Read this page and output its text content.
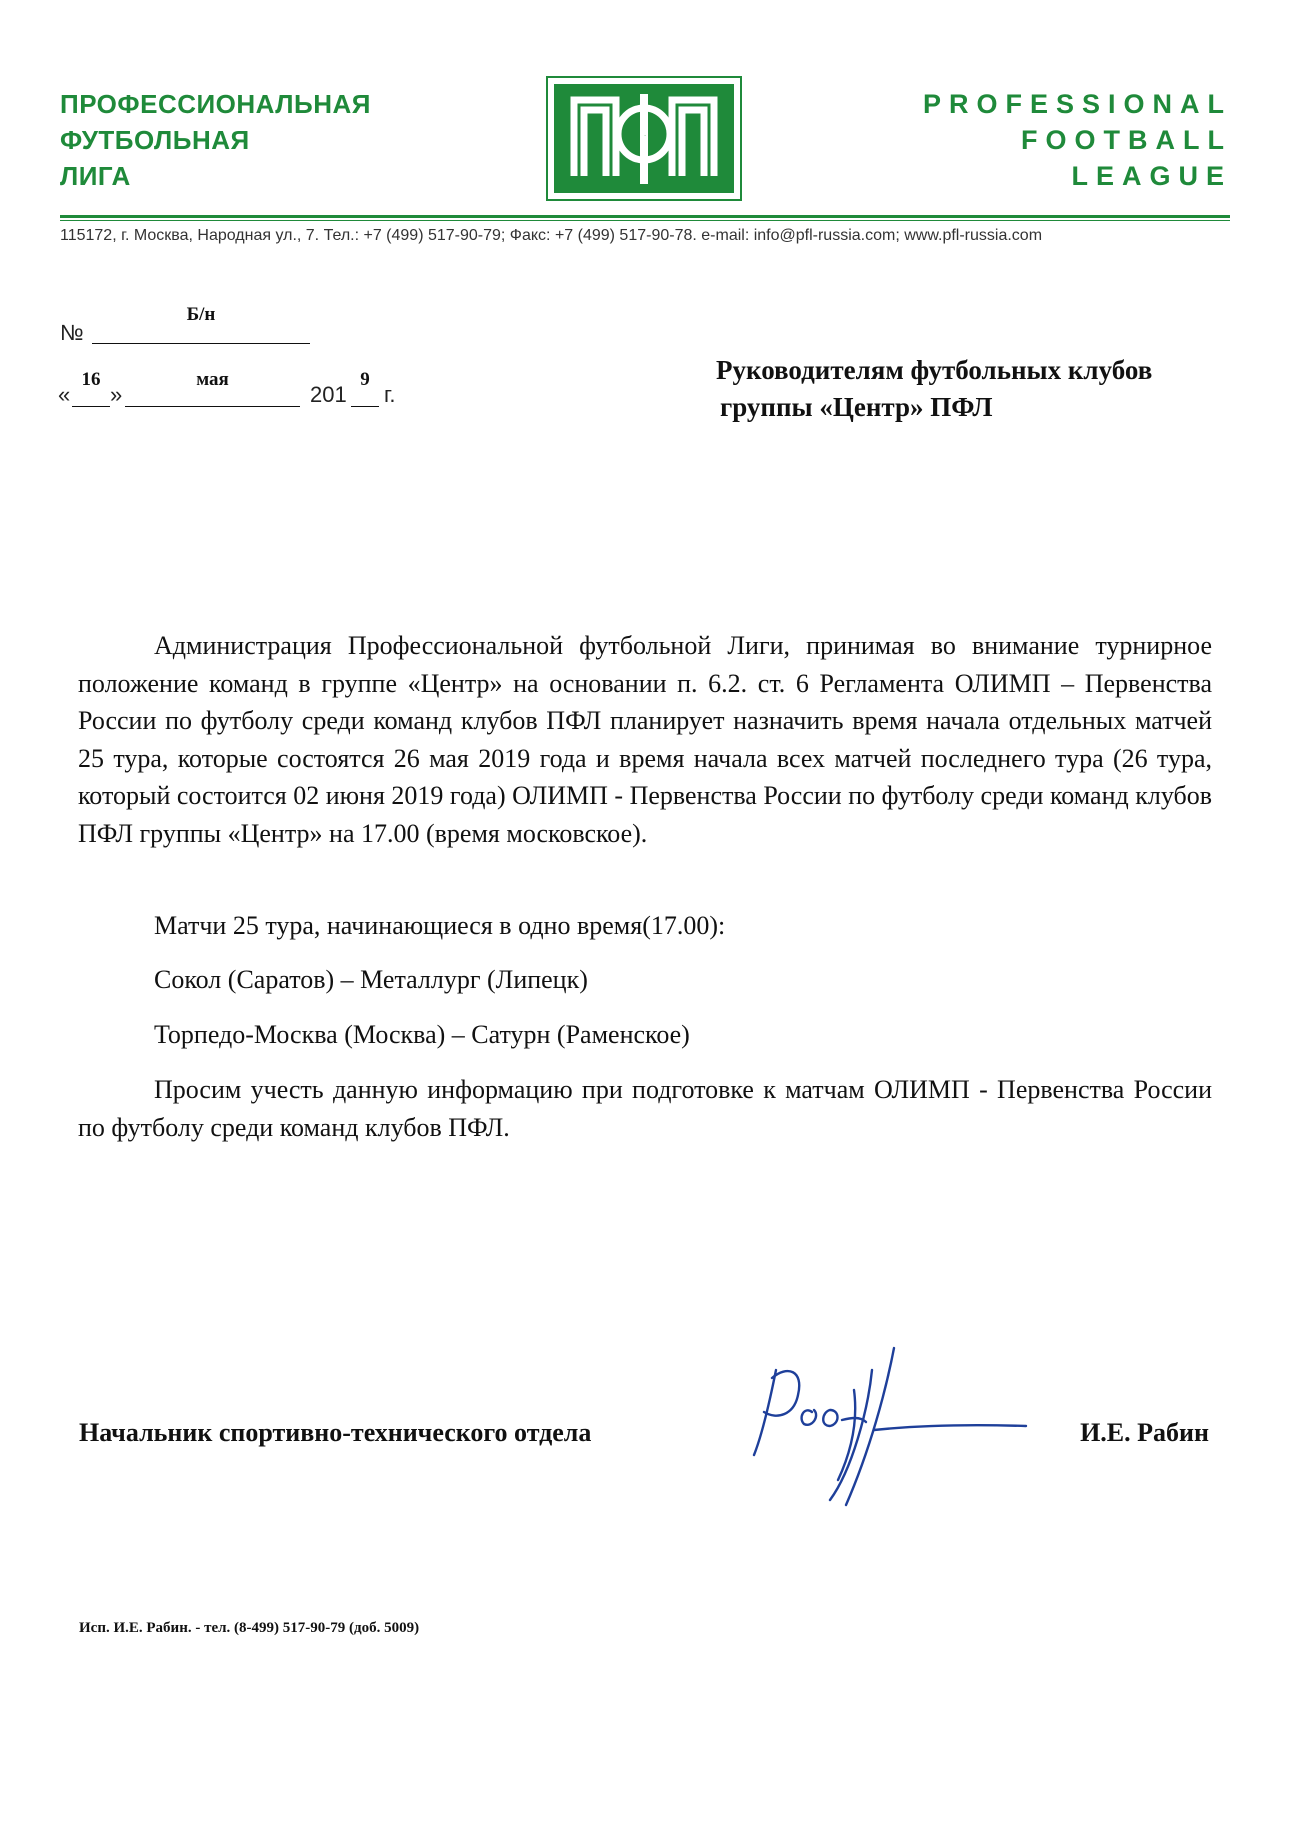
ПРОФЕССИОНАЛЬНАЯ
ФУТБОЛЬНАЯ
ЛИГА
ПФЛ
PROFESSIONAL
FOOTBALL
LEAGUE
115172, г. Москва, Народная ул., 7. Тел.: +7 (499) 517-90-79; Факс: +7 (499) 517-90-78. e-mail: info@pfl-russia.com; www.pfl-russia.com
№
Б/н
«
16
»
мая
201
9
г.
Руководителям футбольных клубов
группы «Центр» ПФЛ

Администрация Профессиональной футбольной Лиги, принимая во внимание турнирное положение команд в группе «Центр» на основании п. 6.2. ст. 6 Регламента ОЛИМП – Первенства России по футболу среди команд клубов ПФЛ планирует назначить время начала отдельных матчей 25 тура, которые состоятся 26 мая 2019 года и время начала всех матчей последнего тура (26 тура, который состоится 02 июня 2019 года) ОЛИМП - Первенства России по футболу среди команд клубов ПФЛ группы «Центр» на 17.00 (время московское).

Матчи 25 тура, начинающиеся в одно время(17.00):

Сокол (Саратов) – Металлург (Липецк)

Торпедо-Москва (Москва) – Сатурн (Раменское)

Просим учесть данную информацию при подготовке к матчам ОЛИМП - Первенства России по футболу среди команд клубов ПФЛ.

Начальник спортивно-технического отдела	И.Е. Рабин
Исп. И.Е. Рабин. - тел. (8-499) 517-90-79 (доб. 5009)
